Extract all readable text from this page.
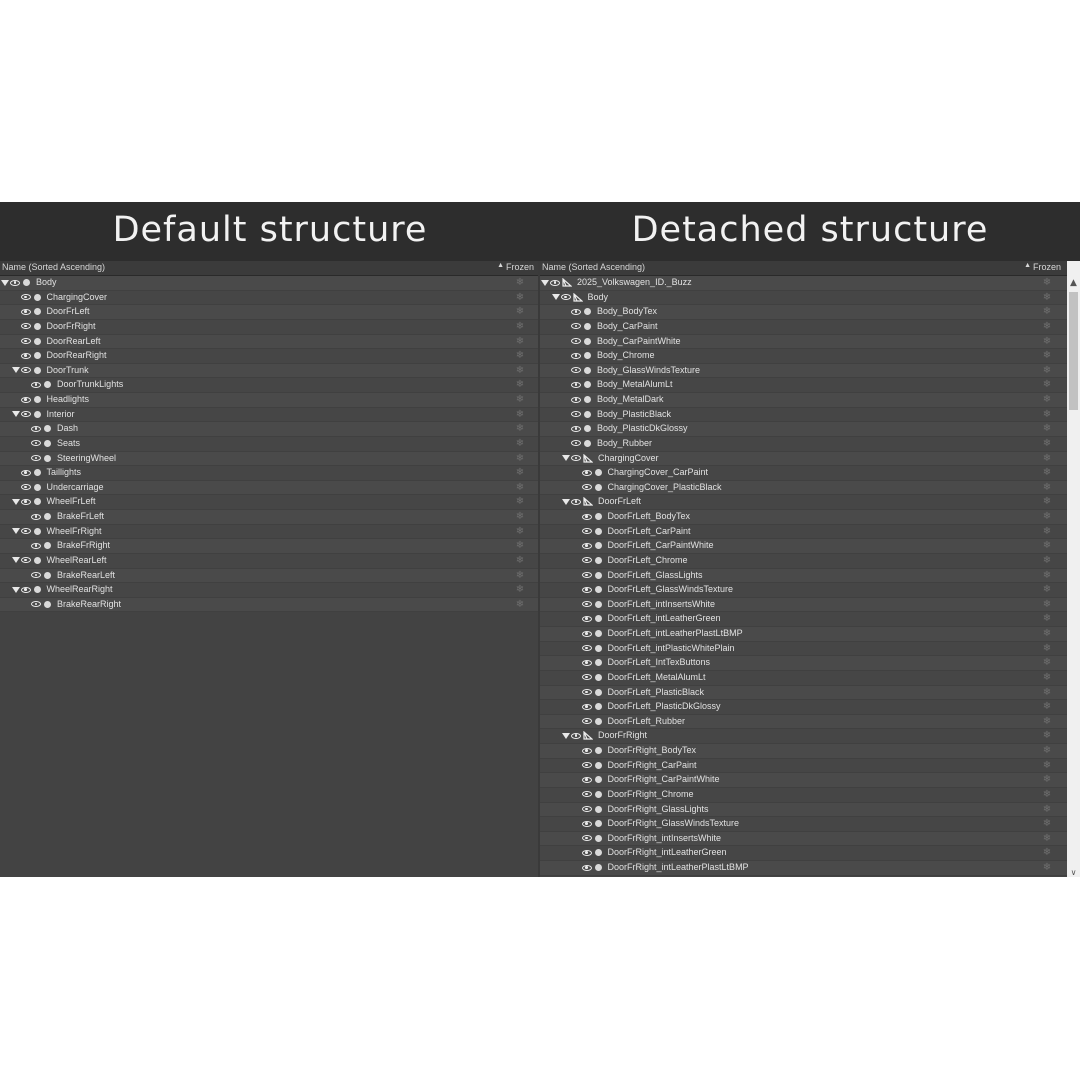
Default structure	Detached structure
Name (Sorted Ascending)	▲ Frozen
Body	❄
ChargingCover	❄
DoorFrLeft	❄
DoorFrRight	❄
DoorRearLeft	❄
DoorRearRight	❄
DoorTrunk	❄
DoorTrunkLights	❄
Headlights	❄
Interior	❄
Dash	❄
Seats	❄
SteeringWheel	❄
Taillights	❄
Undercarriage	❄
WheelFrLeft	❄
BrakeFrLeft	❄
WheelFrRight	❄
BrakeFrRight	❄
WheelRearLeft	❄
BrakeRearLeft	❄
WheelRearRight	❄
BrakeRearRight	❄
Name (Sorted Ascending)	▲ Frozen
2025_Volkswagen_ID._Buzz	❄
Body	❄
Body_BodyTex	❄
Body_CarPaint	❄
Body_CarPaintWhite	❄
Body_Chrome	❄
Body_GlassWindsTexture	❄
Body_MetalAlumLt	❄
Body_MetalDark	❄
Body_PlasticBlack	❄
Body_PlasticDkGlossy	❄
Body_Rubber	❄
ChargingCover	❄
ChargingCover_CarPaint	❄
ChargingCover_PlasticBlack	❄
DoorFrLeft	❄
DoorFrLeft_BodyTex	❄
DoorFrLeft_CarPaint	❄
DoorFrLeft_CarPaintWhite	❄
DoorFrLeft_Chrome	❄
DoorFrLeft_GlassLights	❄
DoorFrLeft_GlassWindsTexture	❄
DoorFrLeft_intInsertsWhite	❄
DoorFrLeft_intLeatherGreen	❄
DoorFrLeft_intLeatherPlastLtBMP	❄
DoorFrLeft_intPlasticWhitePlain	❄
DoorFrLeft_IntTexButtons	❄
DoorFrLeft_MetalAlumLt	❄
DoorFrLeft_PlasticBlack	❄
DoorFrLeft_PlasticDkGlossy	❄
DoorFrLeft_Rubber	❄
DoorFrRight	❄
DoorFrRight_BodyTex	❄
DoorFrRight_CarPaint	❄
DoorFrRight_CarPaintWhite	❄
DoorFrRight_Chrome	❄
DoorFrRight_GlassLights	❄
DoorFrRight_GlassWindsTexture	❄
DoorFrRight_intInsertsWhite	❄
DoorFrRight_intLeatherGreen	❄
DoorFrRight_intLeatherPlastLtBMP	❄
▲
∨
